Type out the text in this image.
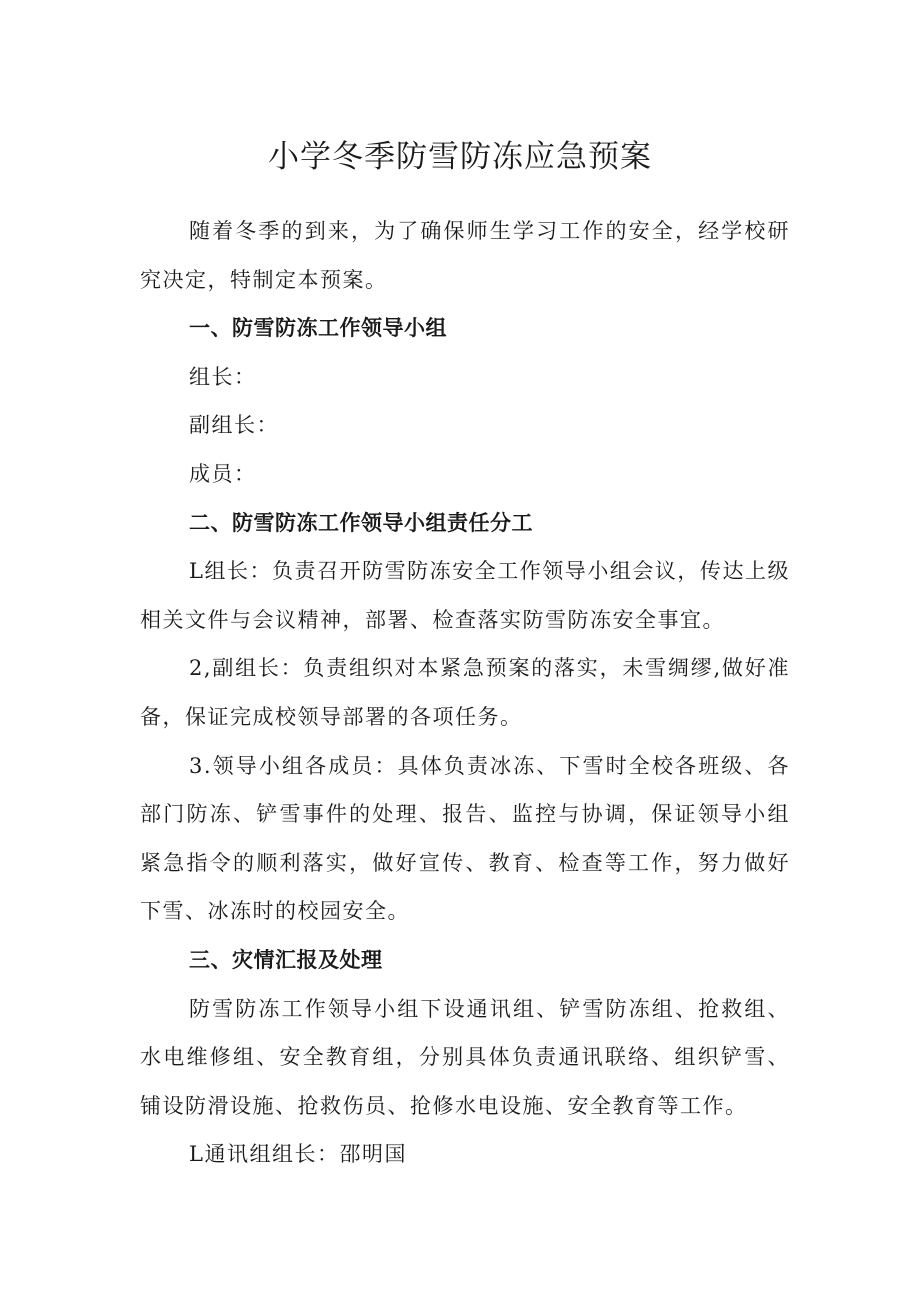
小学冬季防雪防冻应急预案

随着冬季的到来，为了确保师生学习工作的安全，经学校研究决定，特制定本预案。

一、防雪防冻工作领导小组

组长：

副组长：

成员：

二、防雪防冻工作领导小组责任分工

L组长：负责召开防雪防冻安全工作领导小组会议，传达上级相关文件与会议精神，部署、检查落实防雪防冻安全事宜。

2,副组长：负责组织对本紧急预案的落实，未雪绸缪,做好准备，保证完成校领导部署的各项任务。

3.领导小组各成员：具体负责冰冻、下雪时全校各班级、各部门防冻、铲雪事件的处理、报告、监控与协调，保证领导小组紧急指令的顺利落实，做好宣传、教育、检查等工作，努力做好下雪、冰冻时的校园安全。

三、灾情汇报及处理

防雪防冻工作领导小组下设通讯组、铲雪防冻组、抢救组、水电维修组、安全教育组，分别具体负责通讯联络、组织铲雪、铺设防滑设施、抢救伤员、抢修水电设施、安全教育等工作。

L通讯组组长：邵明国
